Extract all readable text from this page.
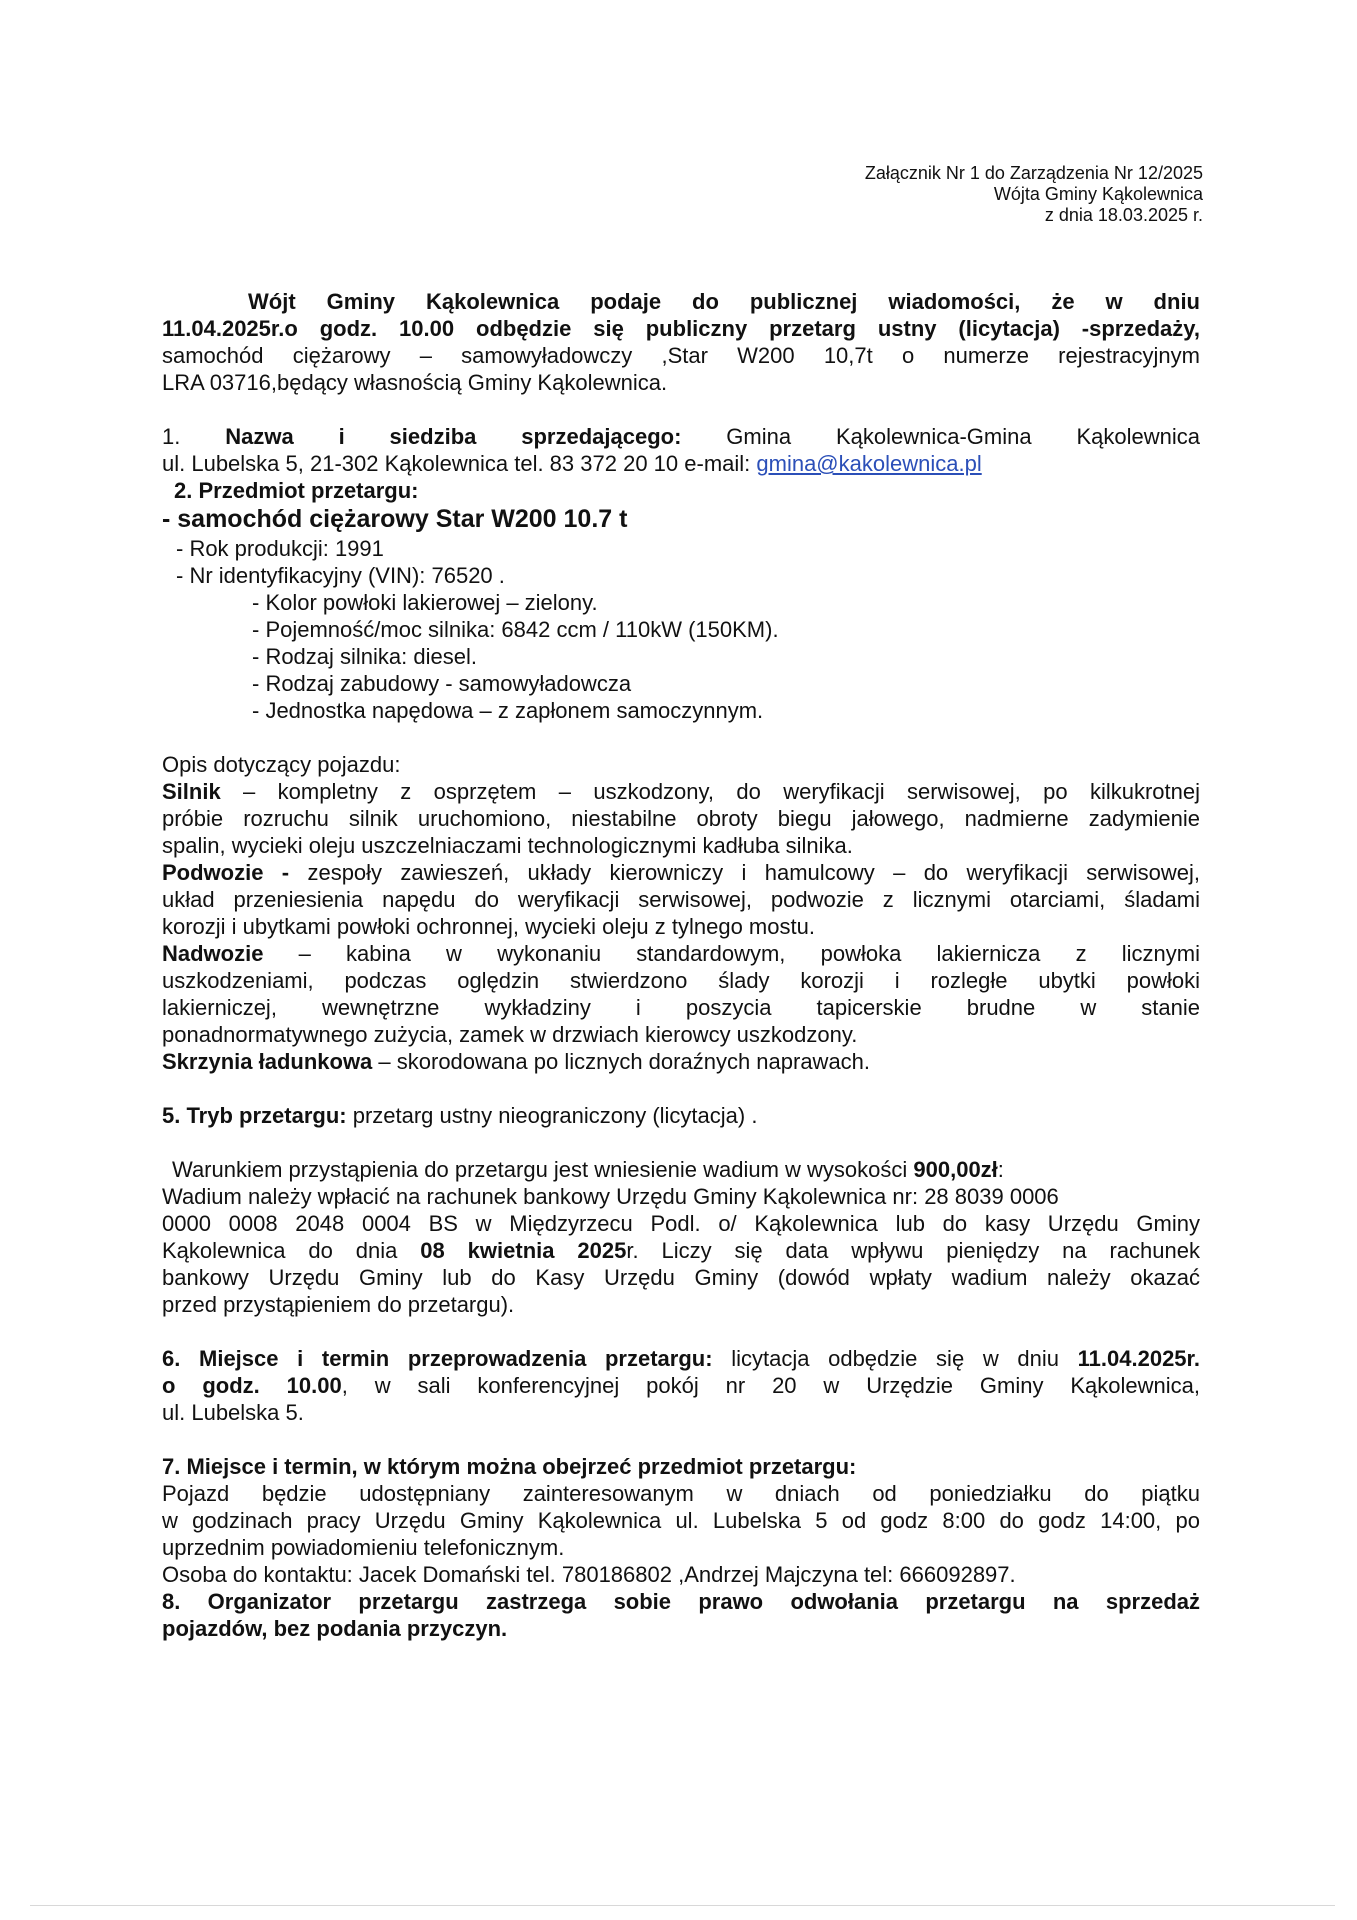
Załącznik Nr 1 do Zarządzenia Nr 12/2025
Wójta Gminy Kąkolewnica
z dnia 18.03.2025 r.
Wójt Gminy Kąkolewnica podaje do publicznej wiadomości, że w dniu
11.04.2025r.o godz. 10.00 odbędzie się publiczny przetarg ustny (licytacja) -sprzedaży,
samochód ciężarowy – samowyładowczy ,Star W200 10,7t o numerze rejestracyjnym
LRA 03716,będący własnością Gminy Kąkolewnica.
1. Nazwa i siedziba sprzedającego: Gmina Kąkolewnica-Gmina Kąkolewnica
ul. Lubelska 5, 21-302 Kąkolewnica tel. 83 372 20 10 e-mail: gmina@kakolewnica.pl
2. Przedmiot przetargu:
- samochód ciężarowy Star W200 10.7 t
- Rok produkcji: 1991
- Nr identyfikacyjny (VIN): 76520 .
- Kolor powłoki lakierowej – zielony.
- Pojemność/moc silnika: 6842 ccm / 110kW (150KM).
- Rodzaj silnika: diesel.
- Rodzaj zabudowy - samowyładowcza
- Jednostka napędowa – z zapłonem samoczynnym.
Opis dotyczący pojazdu:
Silnik – kompletny z osprzętem – uszkodzony, do weryfikacji serwisowej, po kilkukrotnej
próbie rozruchu silnik uruchomiono, niestabilne obroty biegu jałowego, nadmierne zadymienie
spalin, wycieki oleju uszczelniaczami technologicznymi kadłuba silnika.
Podwozie - zespoły zawieszeń, układy kierowniczy i hamulcowy – do weryfikacji serwisowej,
układ przeniesienia napędu do weryfikacji serwisowej, podwozie z licznymi otarciami, śladami
korozji i ubytkami powłoki ochronnej, wycieki oleju z tylnego mostu.
Nadwozie – kabina w wykonaniu standardowym, powłoka lakiernicza z licznymi
uszkodzeniami, podczas oględzin stwierdzono ślady korozji i rozległe ubytki powłoki
lakierniczej, wewnętrzne wykładziny i poszycia tapicerskie brudne w stanie
ponadnormatywnego zużycia, zamek w drzwiach kierowcy uszkodzony.
Skrzynia ładunkowa – skorodowana po licznych doraźnych naprawach.
5. Tryb przetargu: przetarg ustny nieograniczony (licytacja) .
Warunkiem przystąpienia do przetargu jest wniesienie wadium w wysokości 900,00zł:
Wadium należy wpłacić na rachunek bankowy Urzędu Gminy Kąkolewnica nr: 28 8039 0006
0000 0008 2048 0004 BS w Międzyrzecu Podl. o/ Kąkolewnica lub do kasy Urzędu Gminy
Kąkolewnica do dnia 08 kwietnia 2025r. Liczy się data wpływu pieniędzy na rachunek
bankowy Urzędu Gminy lub do Kasy Urzędu Gminy (dowód wpłaty wadium należy okazać
przed przystąpieniem do przetargu).
6. Miejsce i termin przeprowadzenia przetargu: licytacja odbędzie się w dniu 11.04.2025r.
o godz. 10.00, w sali konferencyjnej pokój nr 20 w Urzędzie Gminy Kąkolewnica,
ul. Lubelska 5.
7. Miejsce i termin, w którym można obejrzeć przedmiot przetargu:
Pojazd będzie udostępniany zainteresowanym w dniach od poniedziałku do piątku
w godzinach pracy Urzędu Gminy Kąkolewnica ul. Lubelska 5 od godz 8:00 do godz 14:00, po
uprzednim powiadomieniu telefonicznym.
Osoba do kontaktu: Jacek Domański tel. 780186802 ,Andrzej Majczyna tel: 666092897.
8. Organizator przetargu zastrzega sobie prawo odwołania przetargu na sprzedaż
pojazdów, bez podania przyczyn.
